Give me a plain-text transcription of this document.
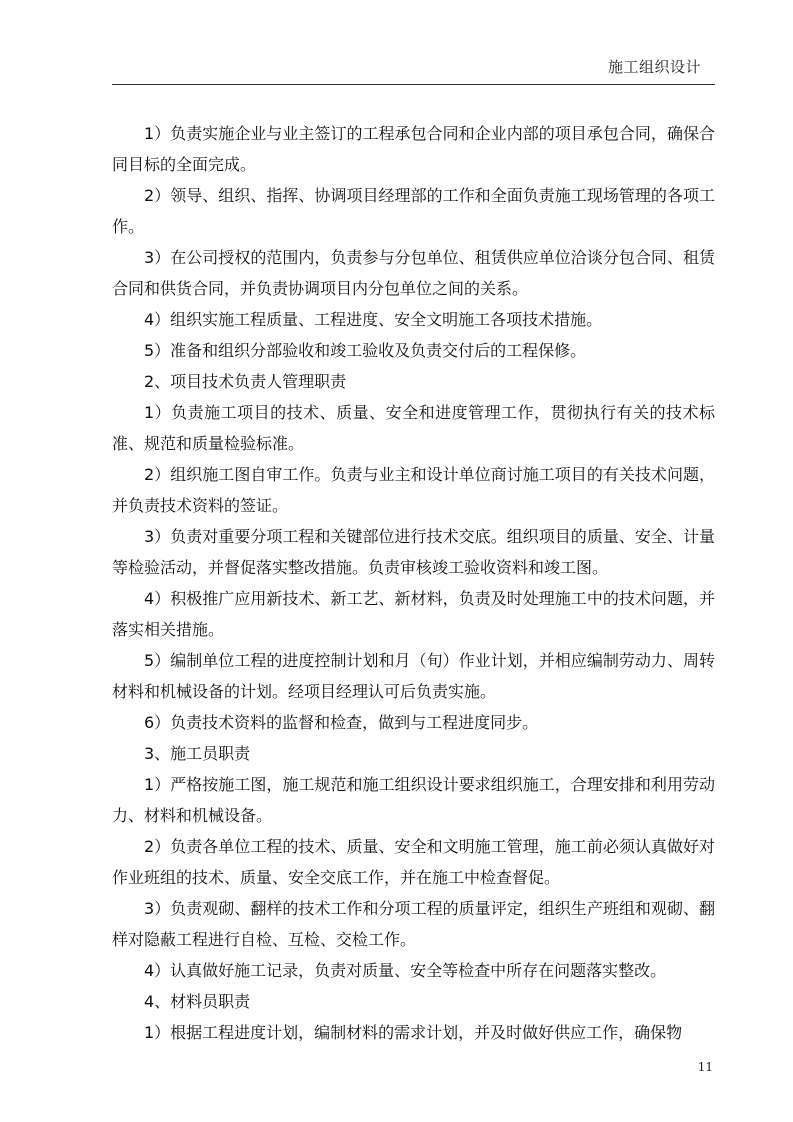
施工组织设计

1）负责实施企业与业主签订的工程承包合同和企业内部的项目承包合同，确保合同目标的全面完成。

2）领导、组织、指挥、协调项目经理部的工作和全面负责施工现场管理的各项工作。

3）在公司授权的范围内，负责参与分包单位、租赁供应单位洽谈分包合同、租赁合同和供货合同，并负责协调项目内分包单位之间的关系。

4）组织实施工程质量、工程进度、安全文明施工各项技术措施。

5）准备和组织分部验收和竣工验收及负责交付后的工程保修。

2、项目技术负责人管理职责

1）负责施工项目的技术、质量、安全和进度管理工作，贯彻执行有关的技术标准、规范和质量检验标准。

2）组织施工图自审工作。负责与业主和设计单位商讨施工项目的有关技术问题，并负责技术资料的签证。

3）负责对重要分项工程和关键部位进行技术交底。组织项目的质量、安全、计量等检验活动，并督促落实整改措施。负责审核竣工验收资料和竣工图。

4）积极推广应用新技术、新工艺、新材料，负责及时处理施工中的技术问题，并落实相关措施。

5）编制单位工程的进度控制计划和月（旬）作业计划，并相应编制劳动力、周转材料和机械设备的计划。经项目经理认可后负责实施。

6）负责技术资料的监督和检查，做到与工程进度同步。

3、施工员职责

1）严格按施工图，施工规范和施工组织设计要求组织施工，合理安排和利用劳动力、材料和机械设备。

2）负责各单位工程的技术、质量、安全和文明施工管理，施工前必须认真做好对作业班组的技术、质量、安全交底工作，并在施工中检查督促。

3）负责观砌、翻样的技术工作和分项工程的质量评定，组织生产班组和观砌、翻样对隐蔽工程进行自检、互检、交检工作。

4）认真做好施工记录，负责对质量、安全等检查中所存在问题落实整改。

4、材料员职责

1）根据工程进度计划，编制材料的需求计划，并及时做好供应工作，确保物

11
